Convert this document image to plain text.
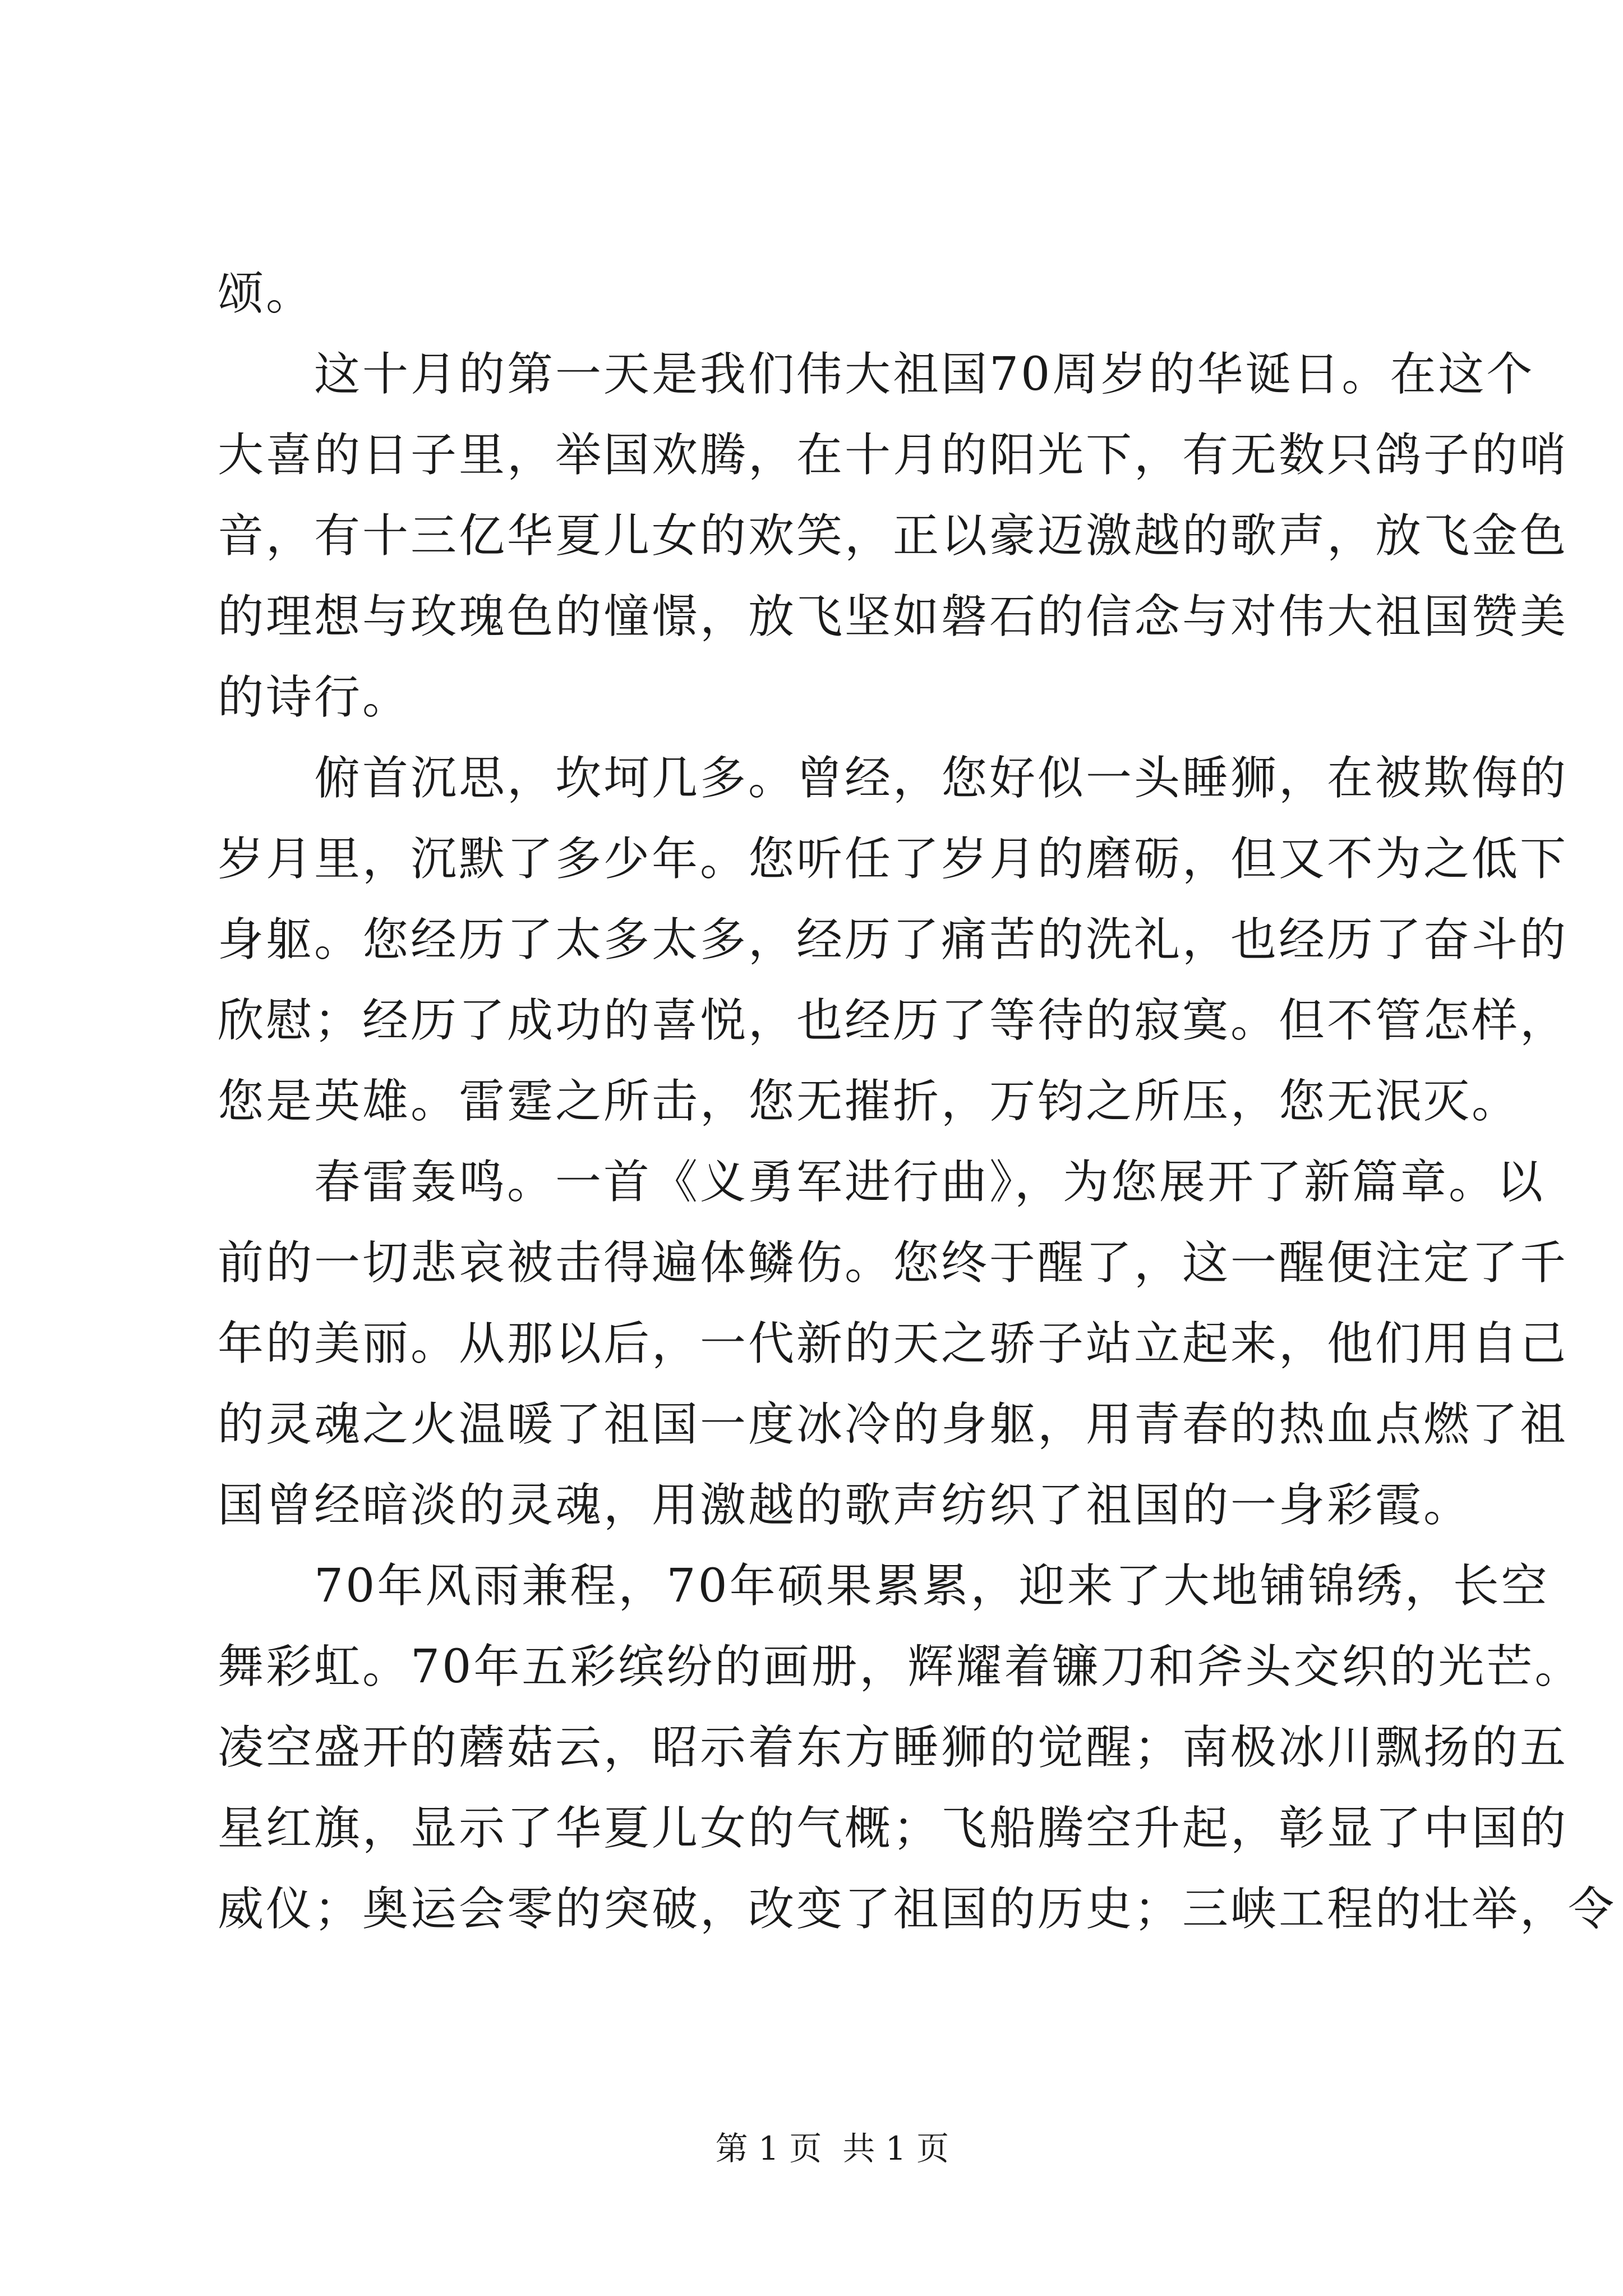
颂。
　　这十月的第一天是我们伟大祖国70周岁的华诞日。在这个
大喜的日子里，举国欢腾，在十月的阳光下，有无数只鸽子的哨
音，有十三亿华夏儿女的欢笑，正以豪迈激越的歌声，放飞金色
的理想与玫瑰色的憧憬，放飞坚如磐石的信念与对伟大祖国赞美
的诗行。
　　俯首沉思，坎坷几多。曾经，您好似一头睡狮，在被欺侮的
岁月里，沉默了多少年。您听任了岁月的磨砺，但又不为之低下
身躯。您经历了太多太多，经历了痛苦的洗礼，也经历了奋斗的
欣慰；经历了成功的喜悦，也经历了等待的寂寞。但不管怎样，
您是英雄。雷霆之所击，您无摧折，万钧之所压，您无泯灭。
　　春雷轰鸣。一首《义勇军进行曲》，为您展开了新篇章。以
前的一切悲哀被击得遍体鳞伤。您终于醒了，这一醒便注定了千
年的美丽。从那以后，一代新的天之骄子站立起来，他们用自己
的灵魂之火温暖了祖国一度冰冷的身躯，用青春的热血点燃了祖
国曾经暗淡的灵魂，用激越的歌声纺织了祖国的一身彩霞。
　　70年风雨兼程，70年硕果累累，迎来了大地铺锦绣，长空
舞彩虹。70年五彩缤纷的画册，辉耀着镰刀和斧头交织的光芒。
凌空盛开的蘑菇云，昭示着东方睡狮的觉醒；南极冰川飘扬的五
星红旗，显示了华夏儿女的气概；飞船腾空升起，彰显了中国的
威仪；奥运会零的突破，改变了祖国的历史；三峡工程的壮举，令

第 1 页  共 1 页
